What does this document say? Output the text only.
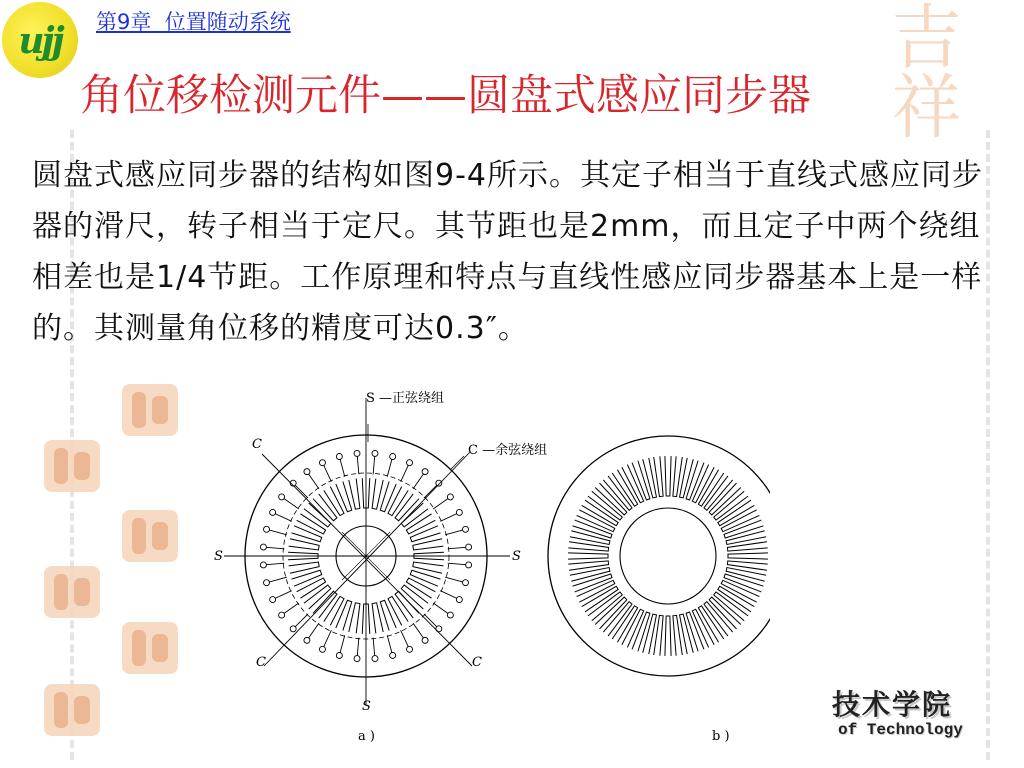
吉祥
ujj	第9章  位置随动系统
角位移检测元件——圆盘式感应同步器
圆盘式感应同步器的结构如图9-4所示。其定子相当于直线式感应同步器的滑尺，转子相当于定尺。其节距也是2mm，而且定子中两个绕组相差也是1/4节距。工作原理和特点与直线性感应同步器基本上是一样的。其测量角位移的精度可达0.3″。
S —正弦绕组
C —余弦绕组
C
C	C
S	S
S
a )	b )
技术学院
of Technology
